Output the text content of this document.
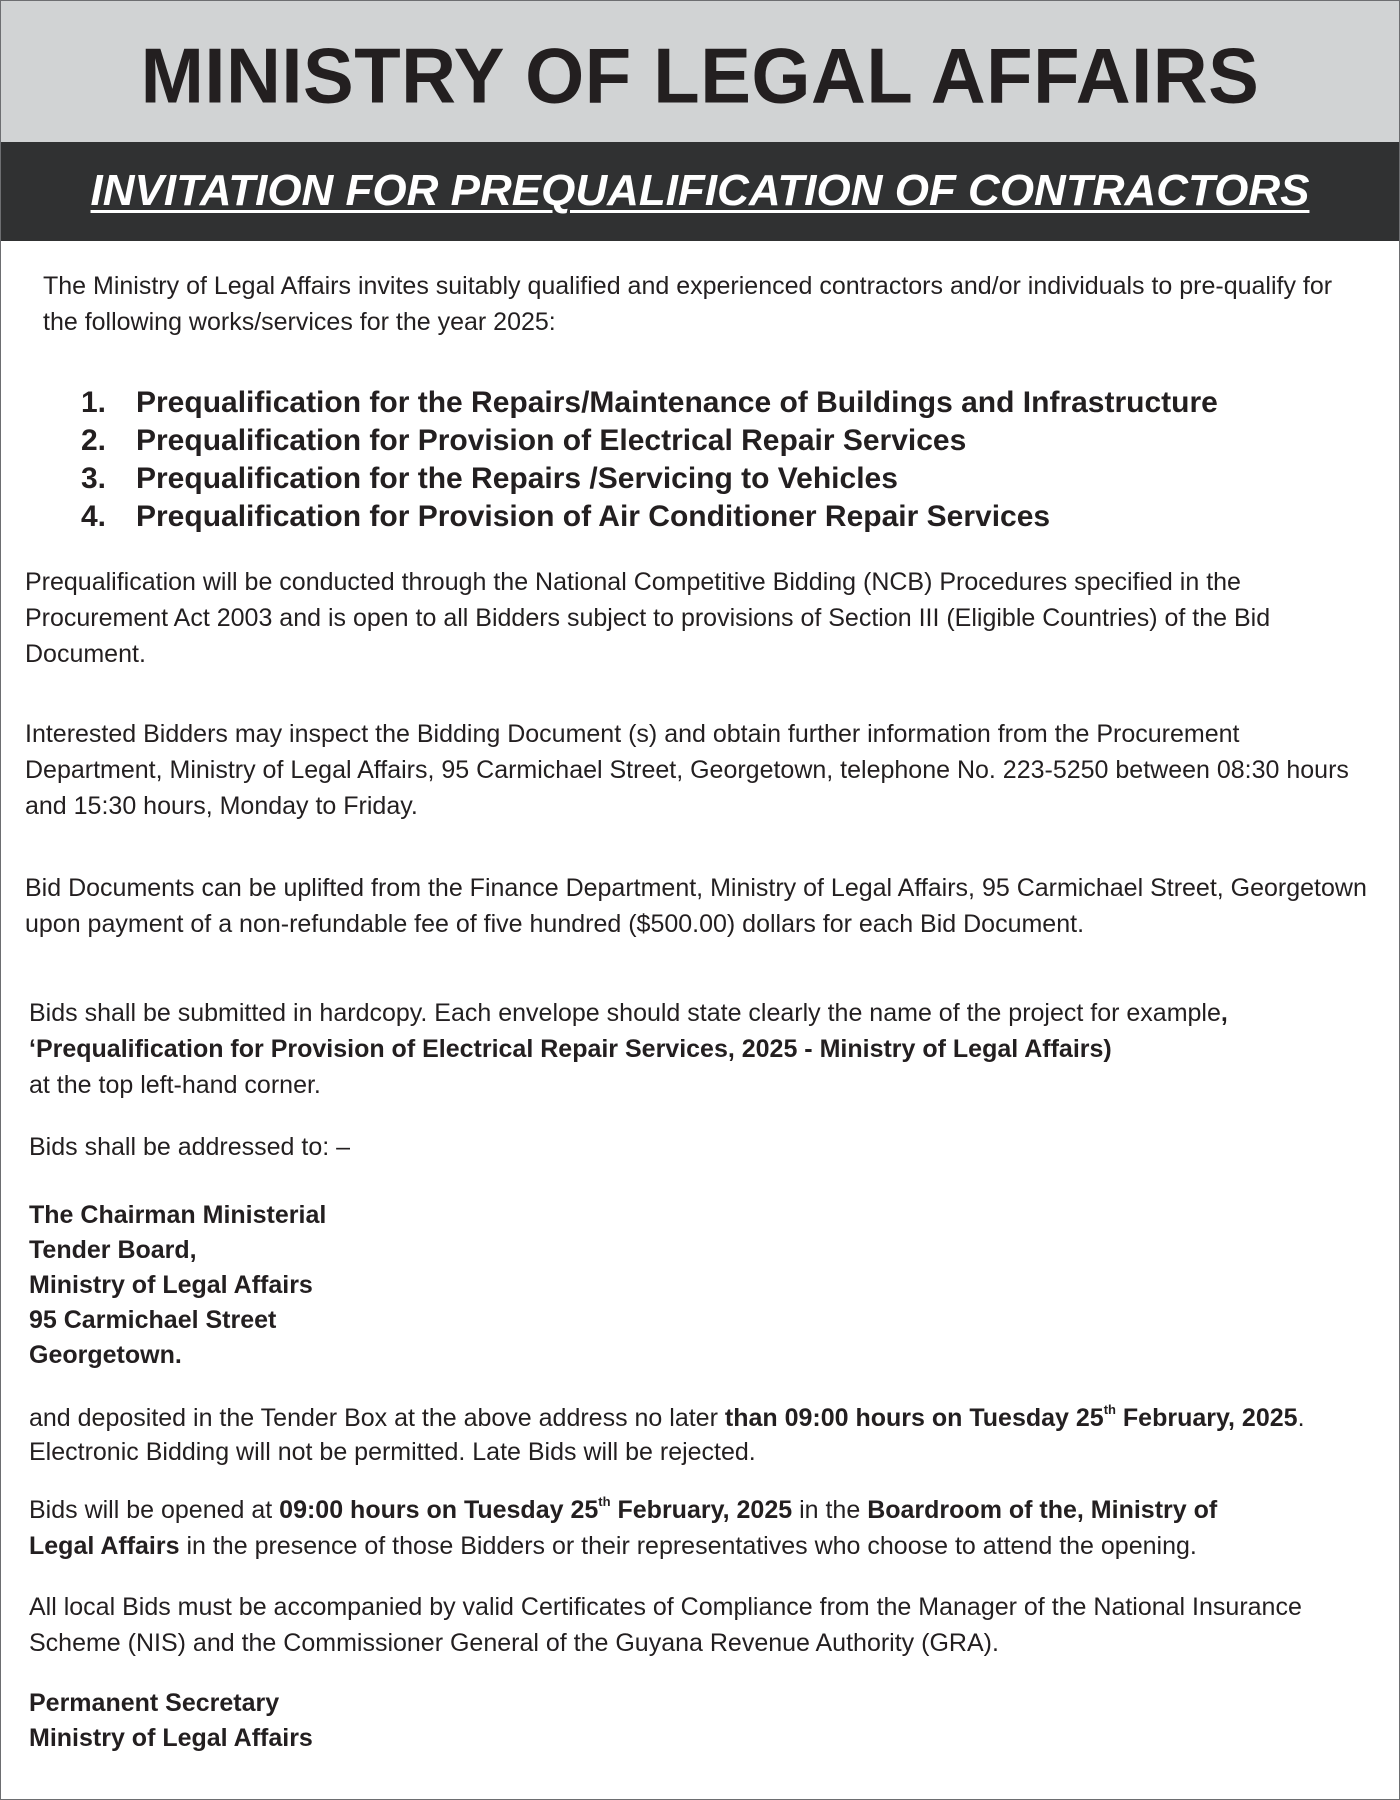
MINISTRY OF LEGAL AFFAIRS
INVITATION FOR PREQUALIFICATION OF CONTRACTORS

The Ministry of Legal Affairs invites suitably qualified and experienced contractors and/or individuals to pre-qualify for the following works/services for the year 2025:

1. Prequalification for the Repairs/Maintenance of Buildings and Infrastructure
2. Prequalification for Provision of Electrical Repair Services
3. Prequalification for the Repairs /Servicing to Vehicles
4. Prequalification for Provision of Air Conditioner Repair Services

Prequalification will be conducted through the National Competitive Bidding (NCB) Procedures specified in the Procurement Act 2003 and is open to all Bidders subject to provisions of Section III (Eligible Countries) of the Bid Document.

Interested Bidders may inspect the Bidding Document (s) and obtain further information from the Procurement Department, Ministry of Legal Affairs, 95 Carmichael Street, Georgetown, telephone No. 223-5250 between 08:30 hours and 15:30 hours, Monday to Friday.

Bid Documents can be uplifted from the Finance Department, Ministry of Legal Affairs, 95 Carmichael Street, Georgetown upon payment of a non-refundable fee of five hundred ($500.00) dollars for each Bid Document.

Bids shall be submitted in hardcopy. Each envelope should state clearly the name of the project for example,
‘Prequalification for Provision of Electrical Repair Services, 2025 - Ministry of Legal Affairs)
at the top left-hand corner.

Bids shall be addressed to: –

The Chairman Ministerial
Tender Board,
Ministry of Legal Affairs
95 Carmichael Street
Georgetown.

and deposited in the Tender Box at the above address no later than 09:00 hours on Tuesday 25th February, 2025.
Electronic Bidding will not be permitted. Late Bids will be rejected.

Bids will be opened at 09:00 hours on Tuesday 25th February, 2025 in the Boardroom of the, Ministry of
Legal Affairs in the presence of those Bidders or their representatives who choose to attend the opening.

All local Bids must be accompanied by valid Certificates of Compliance from the Manager of the National Insurance Scheme (NIS) and the Commissioner General of the Guyana Revenue Authority (GRA).

Permanent Secretary
Ministry of Legal Affairs
